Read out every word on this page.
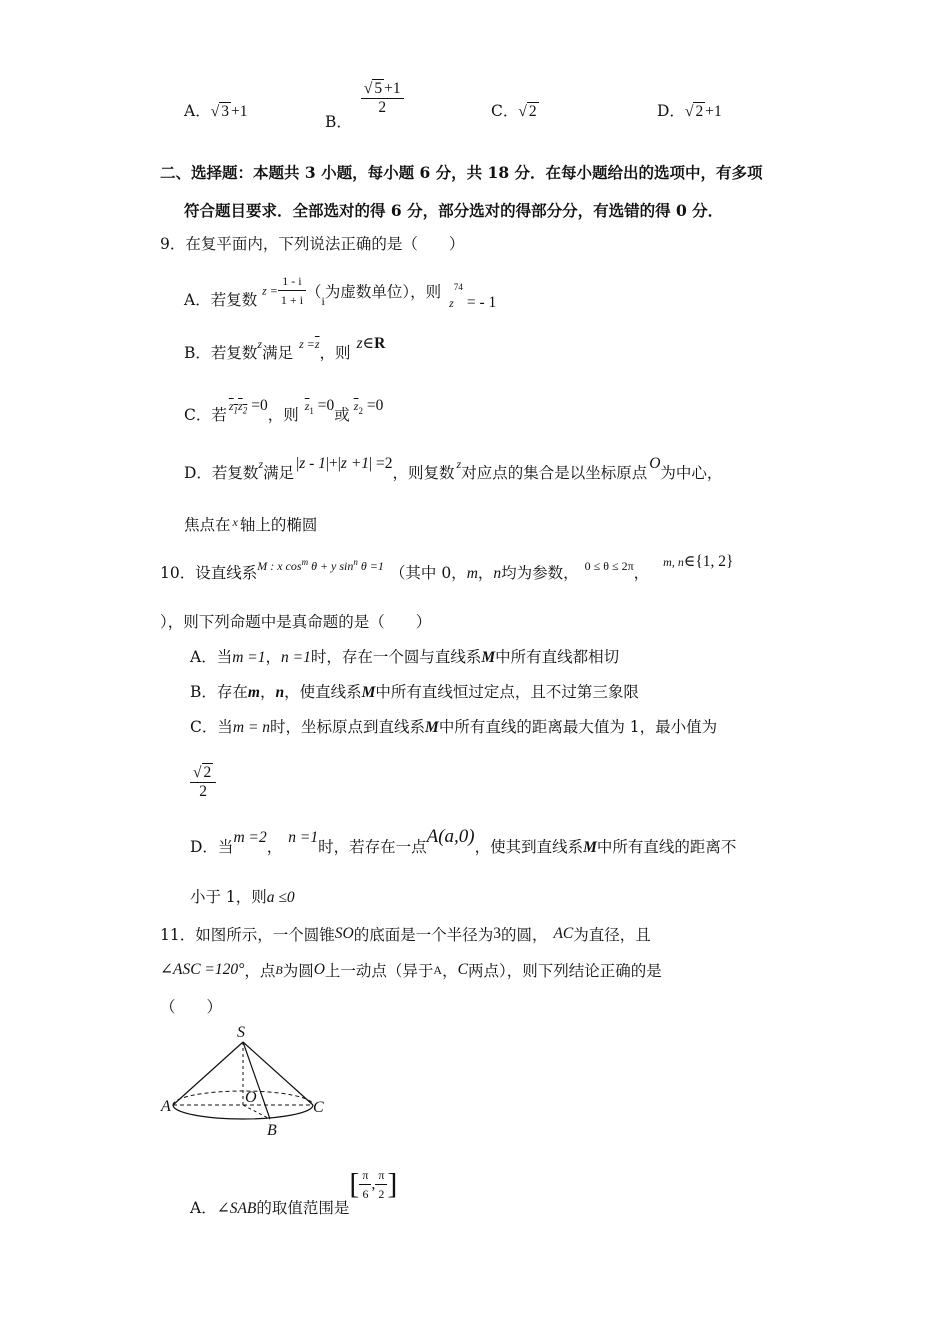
A．√ 3 +1
B．
$\frac{√ 5 +1}{2}$	C．√ 2	D．√ 2 +1
二、选择题：本题共 3 小题，每小题 6 分，共 18 分．在每小题给出的选项中，有多项
符合题目要求．全部选对的得 6 分，部分选对的得部分分，有选错的得 0 分．
9．在复平面内，下列说法正确的是（　　）
A．若复数 $z = \frac{1 - i}{1 + i} (_i$为虚数单位），则$_z^{74}$= - 1
B．若复数z满足 $z =\overline{z}$，则z∈R
C．若 $z_1z_2 =0$，则 $\overline{z}_1 =0$或 $\overline{z}_2 =0$
D．若复数z满足|z - 1|+|z +1| =2，则复数 z对应点的集合是以坐标原点O为中心，
焦点在 x 轴上的椭圆
10．设直线系M : x $\cos^m \theta + y$ $\sin^n \theta =1$ （其中 0，m，n均为参数， 0 ≤ θ ≤ 2π，$^{m, n}$∈{1, 2}
），则下列命题中是真命题的是（　　）
A．当m =1，n =1时，存在一个圆与直线系M中所有直线都相切
B．存在m，n，使直线系M中所有直线恒过定点，且不过第三象限
C．当m = n时，坐标原点到直线系M中所有直线的距离最大值为 1，最小值为
$\frac{√ 2}{2}$
D．当m =2，n =1时，若存在一点A(a,0)，使其到直线系M中所有直线的距离不
小于 1，则a ≤0
11．如图所示，一个圆锥SO的底面是一个半径为3的圆， AC为直径，且
∠ASC =120°，点B为圆O上一动点（异于A，C两点），则下列结论正确的是
（　　）
S
A
O
C
B
A．∠SAB的取值范围是[ $\frac{\pi}{6}$ , $\frac{\pi}{2}$ ]
